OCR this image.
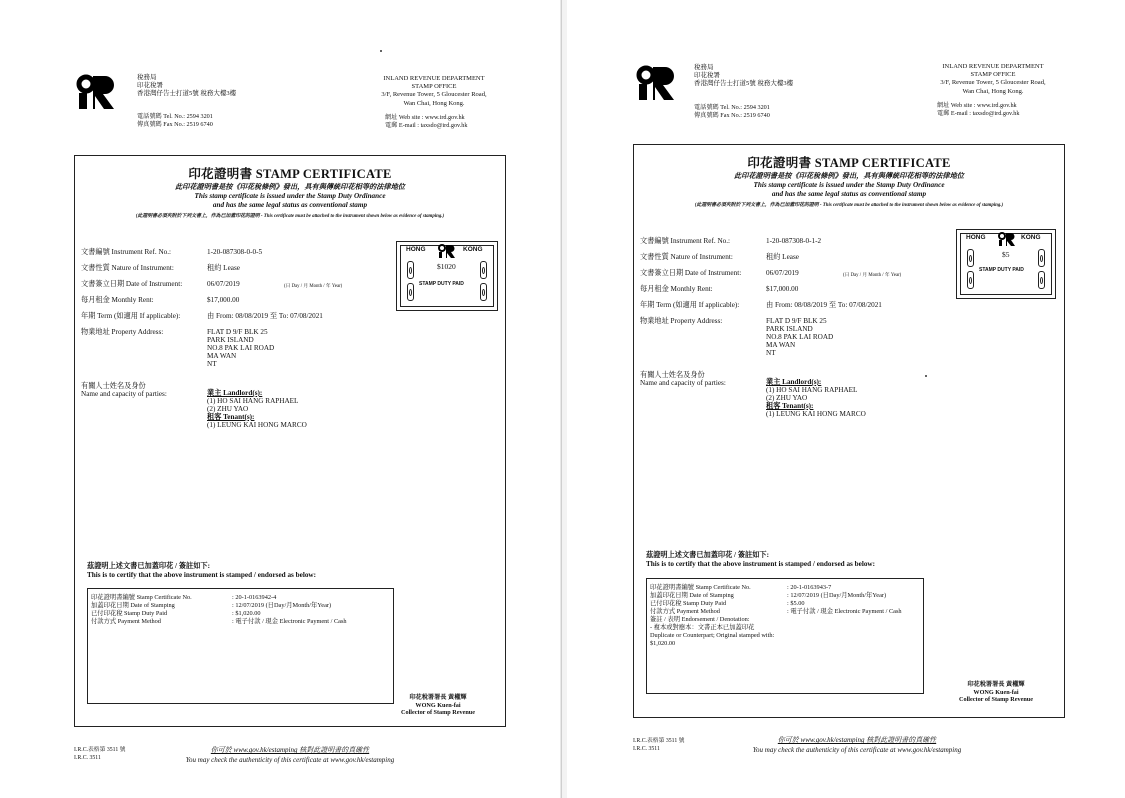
稅務局
印花稅署
香港灣仔告士打道5號 稅務大樓3樓
電話號碼 Tel. No.: 2594 3201
傳真號碼 Fax No.: 2519 6740
INLAND REVENUE DEPARTMENT
STAMP OFFICE
3/F, Revenue Tower, 5 Gloucester Road,
Wan Chai, Hong Kong.
網址 Web site : www.ird.gov.hk
電郵 E-mail : taxsdo@ird.gov.hk
印花證明書 STAMP CERTIFICATE
此印花證明書是按《印花稅條例》發出，具有與傳統印花相等的法律地位
This stamp certificate is issued under the Stamp Duty Ordinance
and has the same legal status as conventional stamp
(此證明書必須夾附於下列文書上，作為已加蓋印花的證明 - This certificate must be attached to the instrument shown below as evidence of stamping.)
文書編號 Instrument Ref. No.:	1-20-087308-0-0-5
文書性質 Nature of Instrument:	租約 Lease
文書簽立日期 Date of Instrument:	06/07/2019	(日 Day / 月 Month / 年 Year)
每月租金 Monthly Rent:	$17,000.00
年期 Term (如適用 If applicable):	由 From: 08/08/2019 至 To: 07/08/2021
物業地址 Property Address:	FLAT D 9/F BLK 25
PARK ISLAND
NO.8 PAK LAI ROAD
MA WAN
NT
有關人士姓名及身份
Name and capacity of parties:	業主 Landlord(s):
(1) HO SAI HANG RAPHAEL
(2) ZHU YAO
租客 Tenant(s):
(1) LEUNG KAI HONG MARCO
HONG	KONG
$1020
STAMP DUTY PAID
茲證明上述文書已加蓋印花 / 簽註如下:
This is to certify that the above instrument is stamped / endorsed as below:
印花證明書編號 Stamp Certificate No.	: 20-1-0163942-4
加蓋印花日期 Date of Stamping	: 12/07/2019 (日Day/月Month/年Year)
已付印花稅 Stamp Duty Paid	: $1,020.00
付款方式 Payment Method	: 電子付款 / 現金 Electronic Payment / Cash
印花稅署署長 黃權輝
WONG Kuen-fai
Collector of Stamp Revenue
I.R.C.表格第 3511 號
I.R.C. 3511
你可於 www.gov.hk/estamping 核對此證明書的真確性
You may check the authenticity of this certificate at www.gov.hk/estamping
稅務局
印花稅署
香港灣仔告士打道5號 稅務大樓3樓
電話號碼 Tel. No.: 2594 3201
傳真號碼 Fax No.: 2519 6740
INLAND REVENUE DEPARTMENT
STAMP OFFICE
3/F, Revenue Tower, 5 Gloucester Road,
Wan Chai, Hong Kong.
網址 Web site : www.ird.gov.hk
電郵 E-mail : taxsdo@ird.gov.hk
印花證明書 STAMP CERTIFICATE
此印花證明書是按《印花稅條例》發出，具有與傳統印花相等的法律地位
This stamp certificate is issued under the Stamp Duty Ordinance
and has the same legal status as conventional stamp
(此證明書必須夾附於下列文書上，作為已加蓋印花的證明 - This certificate must be attached to the instrument shown below as evidence of stamping.)
文書編號 Instrument Ref. No.:	1-20-087308-0-1-2
文書性質 Nature of Instrument:	租約 Lease
文書簽立日期 Date of Instrument:	06/07/2019	(日 Day / 月 Month / 年 Year)
每月租金 Monthly Rent:	$17,000.00
年期 Term (如適用 If applicable):	由 From: 08/08/2019 至 To: 07/08/2021
物業地址 Property Address:	FLAT D 9/F BLK 25
PARK ISLAND
NO.8 PAK LAI ROAD
MA WAN
NT
有關人士姓名及身份
Name and capacity of parties:	業主 Landlord(s):
(1) HO SAI HANG RAPHAEL
(2) ZHU YAO
租客 Tenant(s):
(1) LEUNG KAI HONG MARCO
HONG	KONG
$5
STAMP DUTY PAID
茲證明上述文書已加蓋印花 / 簽註如下:
This is to certify that the above instrument is stamped / endorsed as below:
印花證明書編號 Stamp Certificate No.	: 20-1-0163943-7
加蓋印花日期 Date of Stamping	: 12/07/2019 (日Day/月Month/年Year)
已付印花稅 Stamp Duty Paid	: $5.00
付款方式 Payment Method	: 電子付款 / 現金 Electronic Payment / Cash
簽註 / 表明 Endorsement / Denotation:
- 複本或對應本：文書正本已加蓋印花
Duplicate or Counterpart; Original stamped with:
$1,020.00
印花稅署署長 黃權輝
WONG Kuen-fai
Collector of Stamp Revenue
I.R.C.表格第 3511 號
I.R.C. 3511
你可於 www.gov.hk/estamping 核對此證明書的真確性
You may check the authenticity of this certificate at www.gov.hk/estamping
